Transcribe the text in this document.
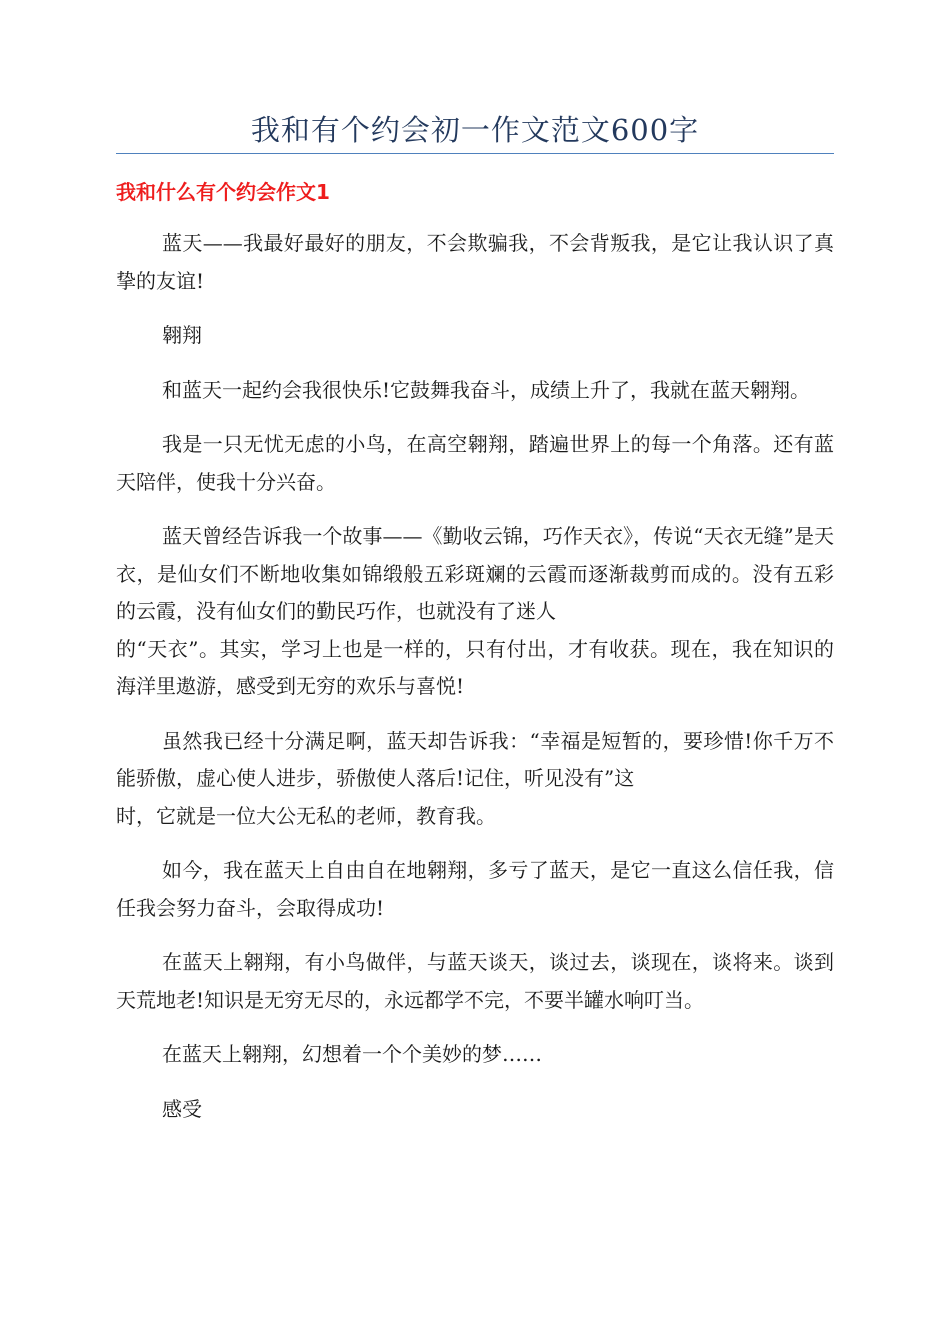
我和有个约会初一作文范文600字
我和什么有个约会作文1

蓝天——我最好最好的朋友，不会欺骗我，不会背叛我，是它让我认识了真挚的友谊!

翱翔

和蓝天一起约会我很快乐!它鼓舞我奋斗，成绩上升了，我就在蓝天翱翔。

我是一只无忧无虑的小鸟，在高空翱翔，踏遍世界上的每一个角落。还有蓝天陪伴，使我十分兴奋。

蓝天曾经告诉我一个故事——《勤收云锦，巧作天衣》，传说“天衣无缝”是天衣，是仙女们不断地收集如锦缎般五彩斑斓的云霞而逐渐裁剪而成的。没有五彩的云霞，没有仙女们的勤民巧作，也就没有了迷人
的“天衣”。其实，学习上也是一样的，只有付出，才有收获。现在，我在知识的海洋里遨游，感受到无穷的欢乐与喜悦!

虽然我已经十分满足啊，蓝天却告诉我：“幸福是短暂的，要珍惜!你千万不能骄傲，虚心使人进步，骄傲使人落后!记住，听见没有”这
时，它就是一位大公无私的老师，教育我。

如今，我在蓝天上自由自在地翱翔，多亏了蓝天，是它一直这么信任我，信任我会努力奋斗，会取得成功!

在蓝天上翱翔，有小鸟做伴，与蓝天谈天，谈过去，谈现在，谈将来。谈到天荒地老!知识是无穷无尽的，永远都学不完，不要半罐水响叮当。

在蓝天上翱翔，幻想着一个个美妙的梦……

感受
